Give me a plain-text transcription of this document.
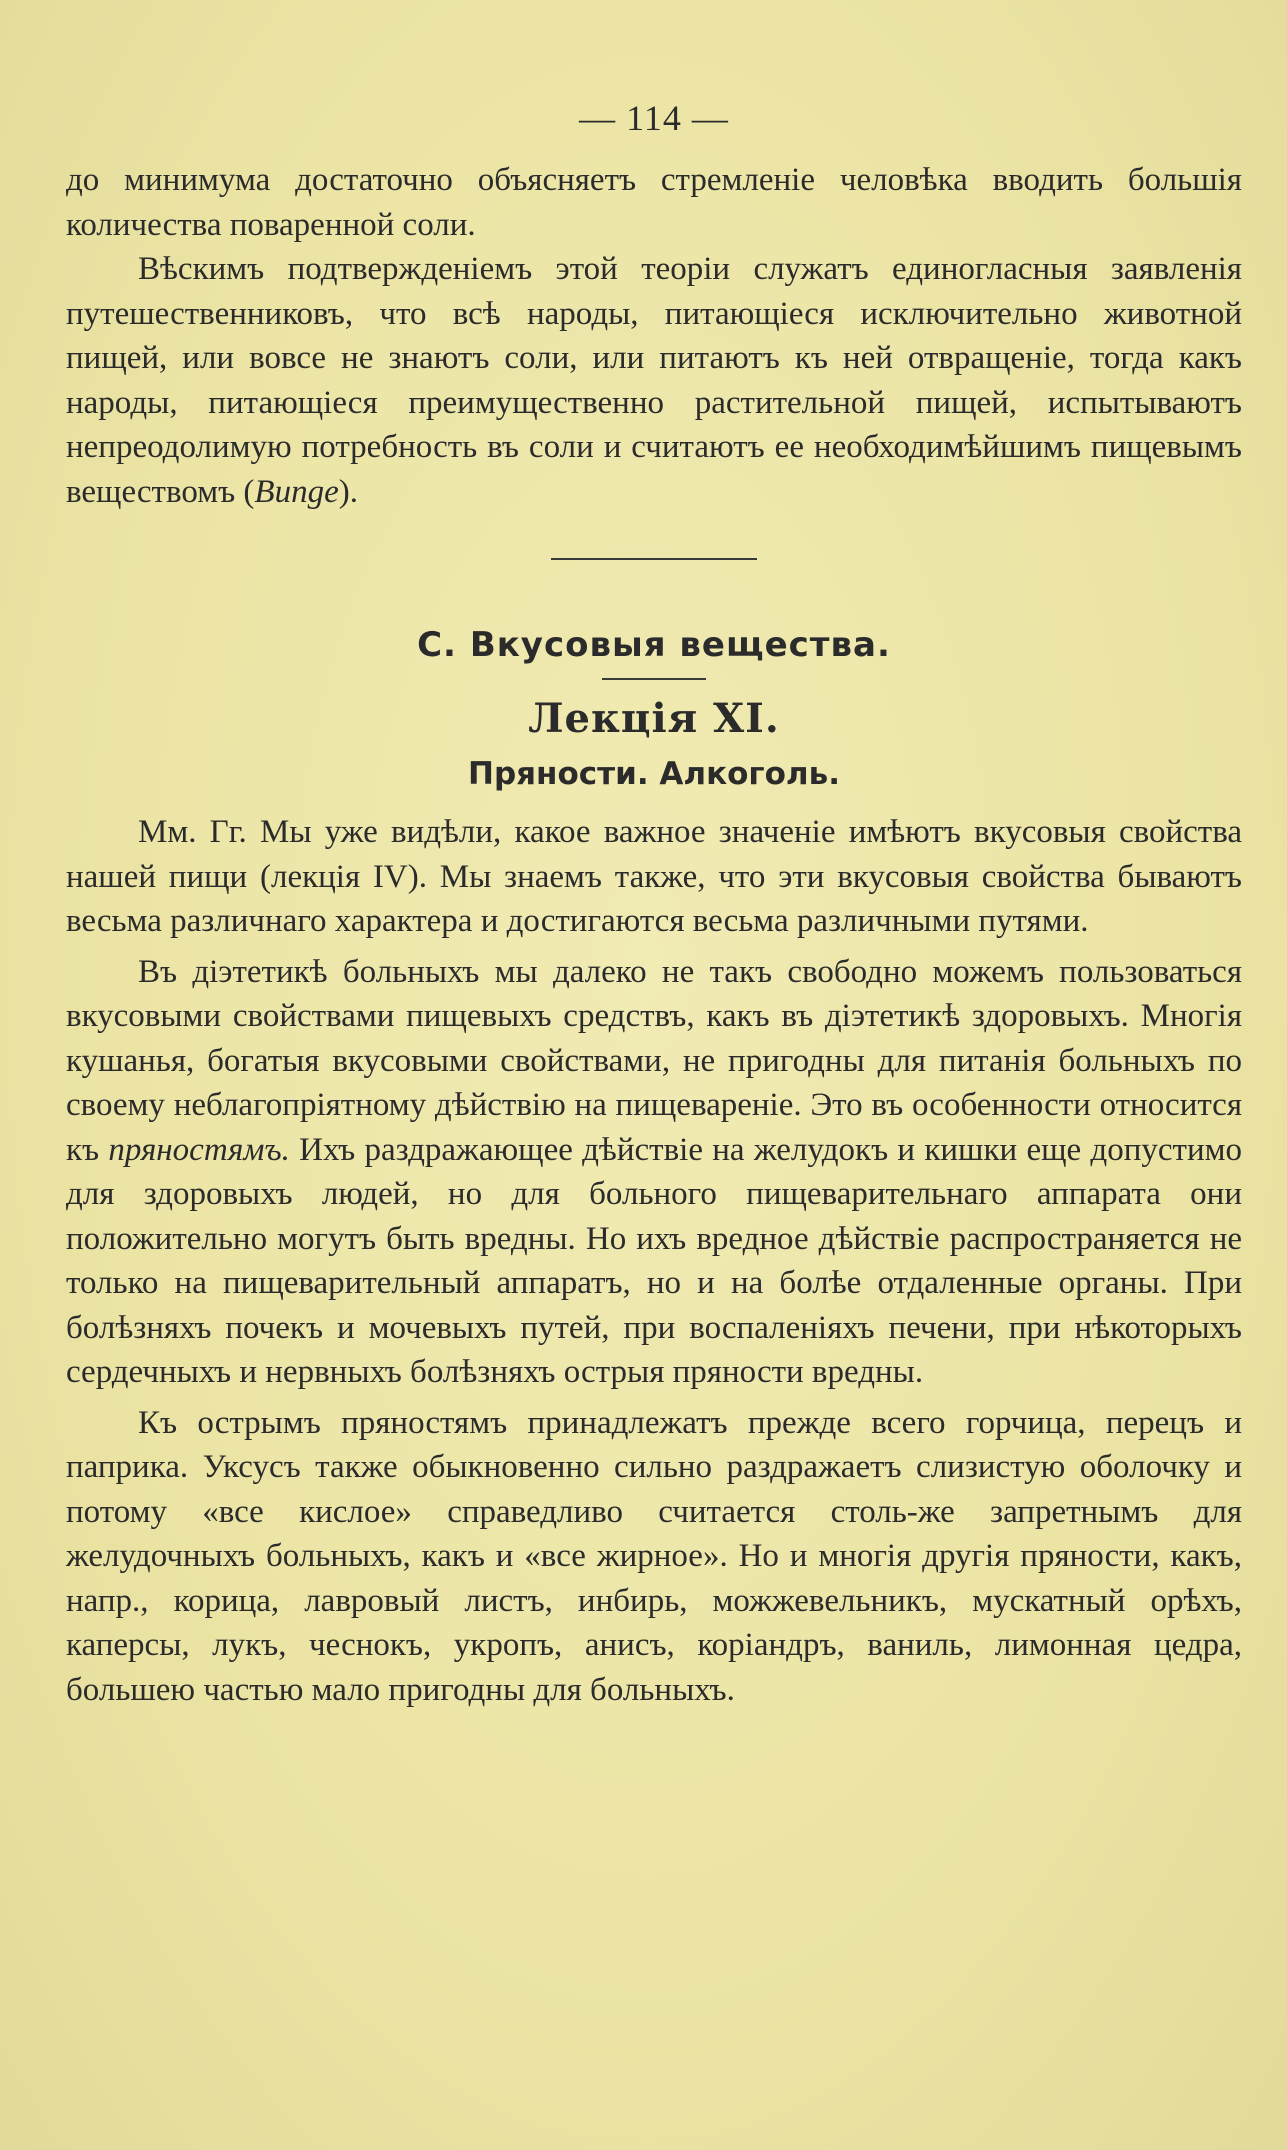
— 114 —

до минимума достаточно объясняетъ стремленіе человѣка вводить большія количества поваренной соли.

Вѣскимъ подтвержденіемъ этой теоріи служатъ единогласныя заявленія путешественниковъ, что всѣ народы, питающіеся исключительно животной пищей, или вовсе не знаютъ соли, или питаютъ къ ней отвращеніе, тогда какъ народы, питающіеся преимущественно растительной пищей, испытываютъ непреодолимую потребность въ соли и считаютъ ее необходимѣйшимъ пищевымъ веществомъ (Вunge).

С. Вкусовыя вещества.
Лекція XI.
Пряности. Алкоголь.

Мм. Гг. Мы уже видѣли, какое важное значеніе имѣютъ вкусовыя свойства нашей пищи (лекція IV). Мы знаемъ также, что эти вкусовыя свойства бываютъ весьма различнаго характера и достигаются весьма различными путями.

Въ діэтетикѣ больныхъ мы далеко не такъ свободно можемъ пользоваться вкусовыми свойствами пищевыхъ средствъ, какъ въ діэтетикѣ здоровыхъ. Многія кушанья, богатыя вкусовыми свойствами, не пригодны для питанія больныхъ по своему неблагопріятному дѣйствію на пищевареніе. Это въ особенности относится къ пряностямъ. Ихъ раздражающее дѣйствіе на желудокъ и кишки еще допустимо для здоровыхъ людей, но для больного пищеварительнаго аппарата они положительно могутъ быть вредны. Но ихъ вредное дѣйствіе распространяется не только на пищеварительный аппаратъ, но и на болѣе отдаленные органы. При болѣзняхъ почекъ и мочевыхъ путей, при воспаленіяхъ печени, при нѣкоторыхъ сердечныхъ и нервныхъ болѣзняхъ острыя пряности вредны.

Къ острымъ пряностямъ принадлежатъ прежде всего горчица, перецъ и паприка. Уксусъ также обыкновенно сильно раздражаетъ слизистую оболочку и потому «все кислое» справедливо считается столь-же запретнымъ для желудочныхъ больныхъ, какъ и «все жирное». Но и многія другія пряности, какъ, напр., корица, лавровый листъ, инбирь, можжевельникъ, мускатный орѣхъ, каперсы, лукъ, чеснокъ, укропъ, анисъ, коріандръ, ваниль, лимонная цедра, большею частью мало пригодны для больныхъ.
